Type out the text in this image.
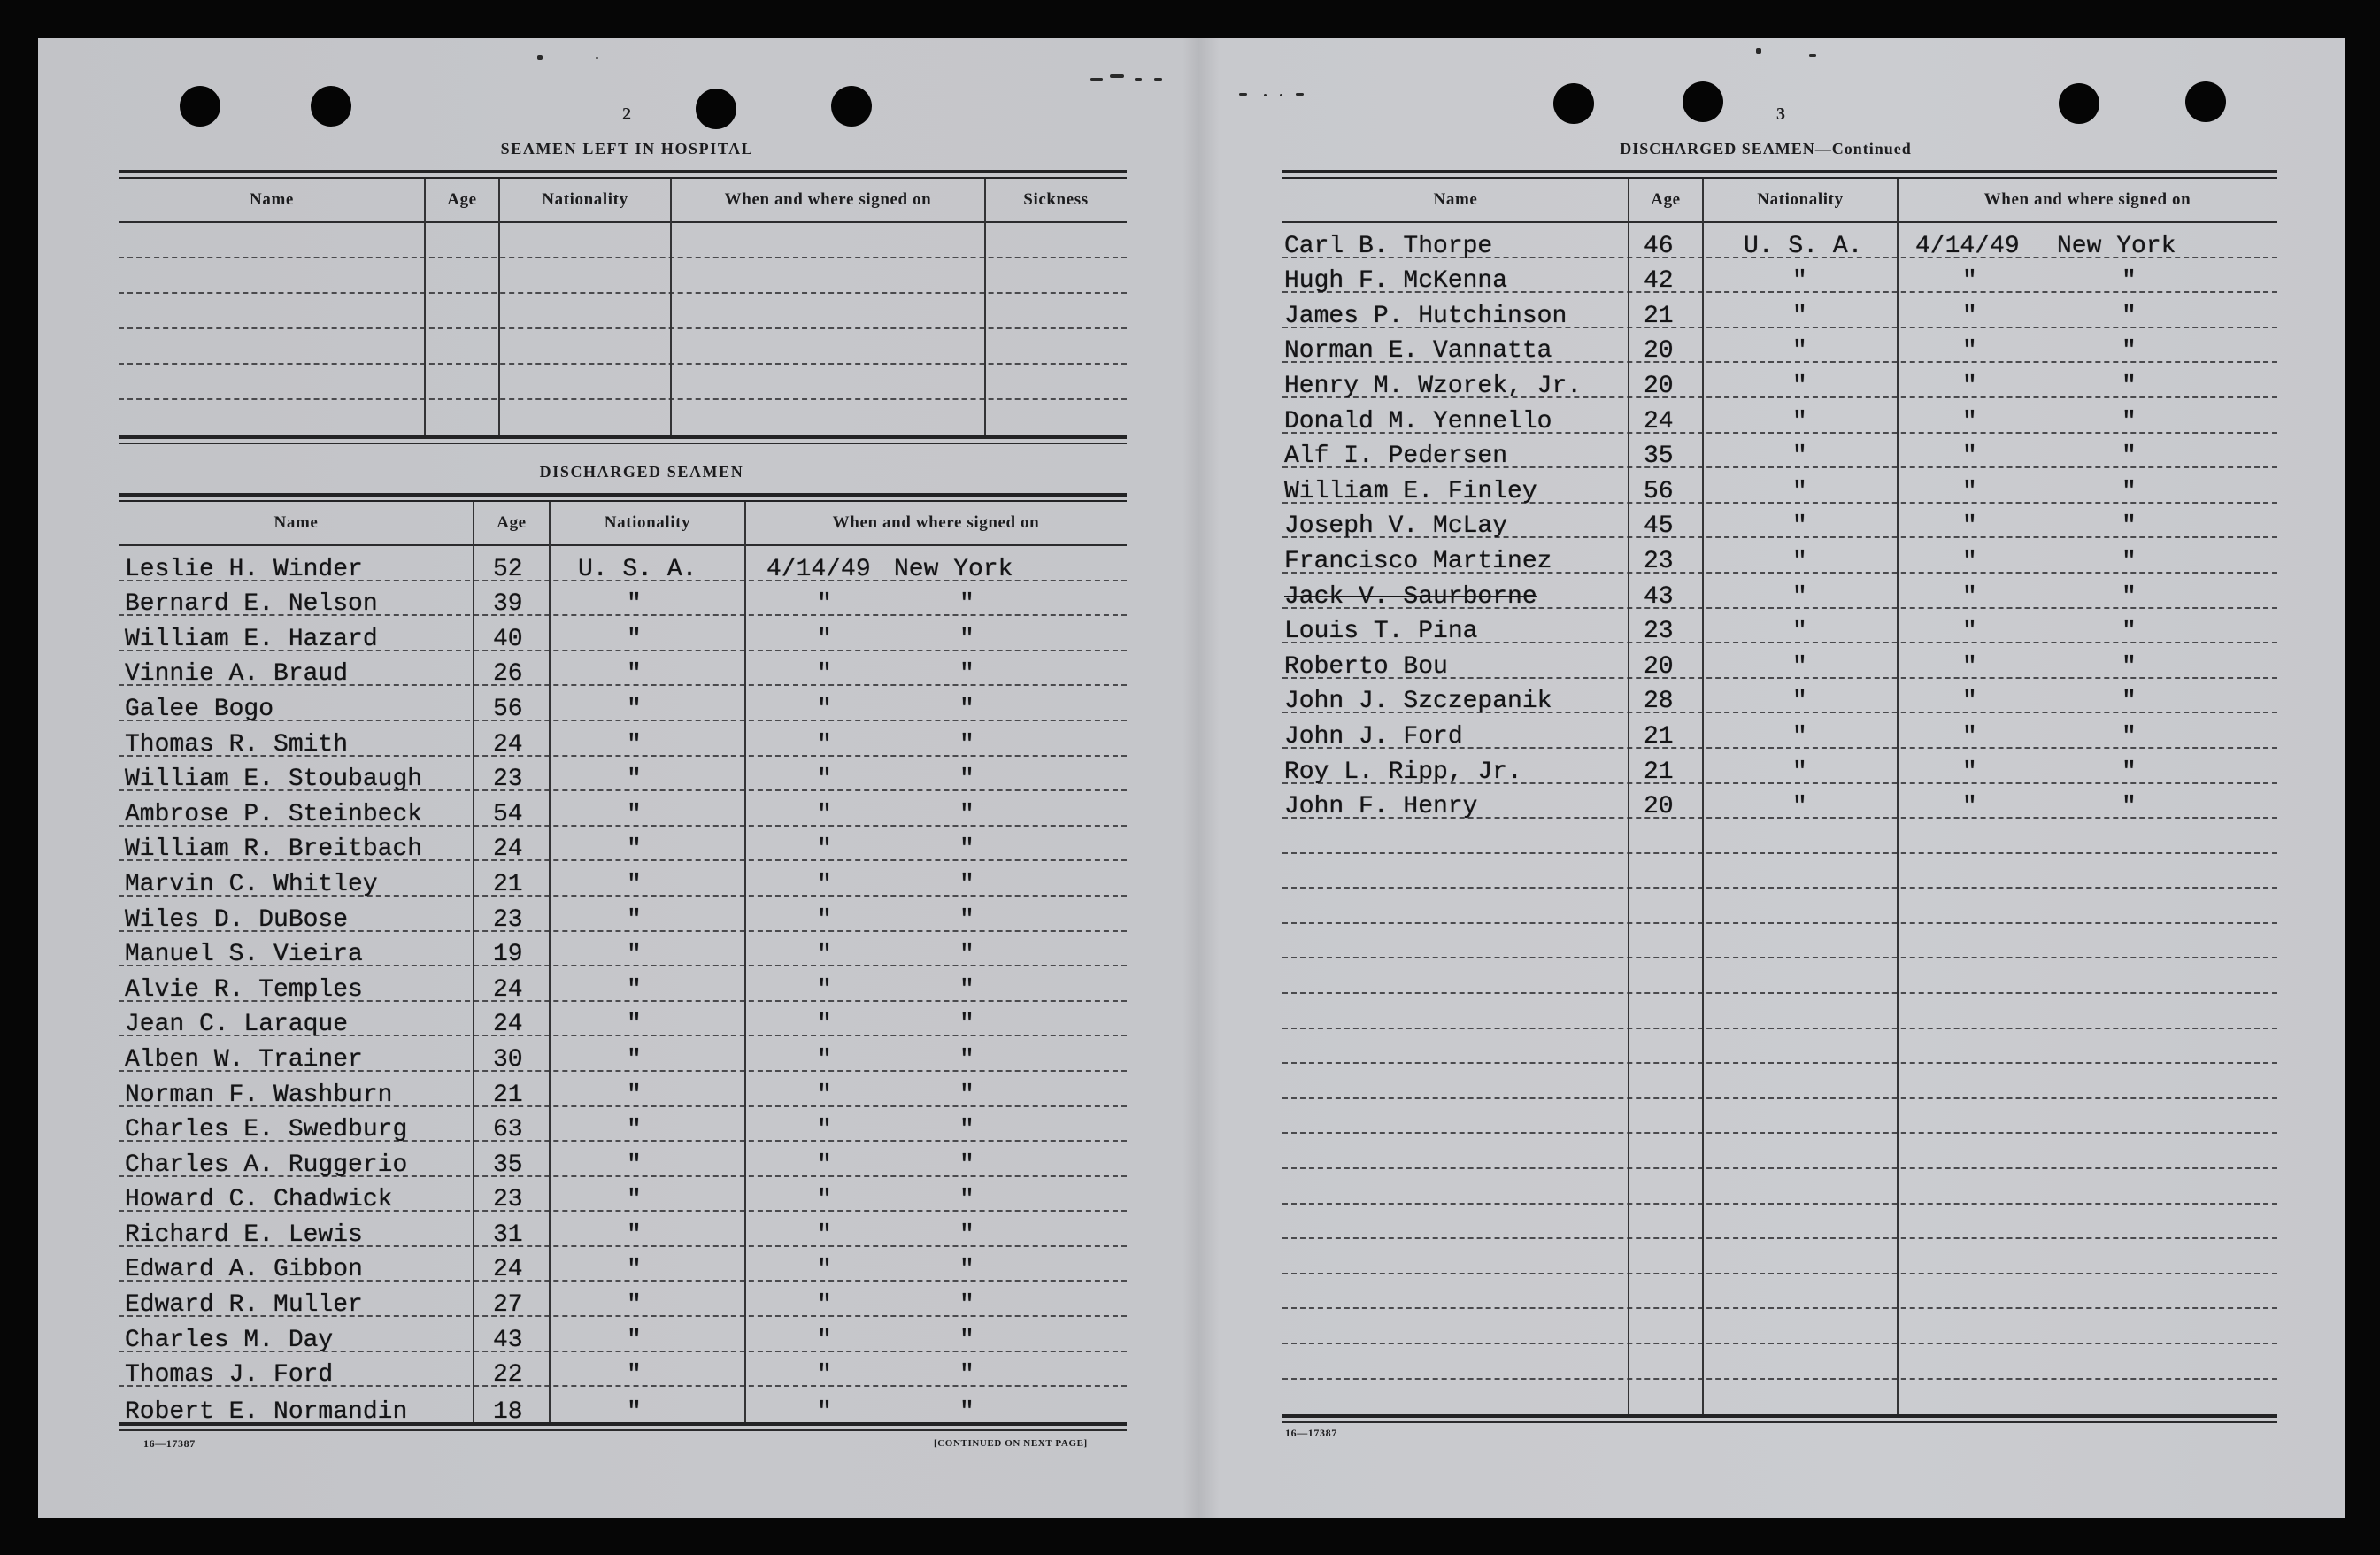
2
SEAMEN LEFT IN HOSPITAL
Name	Age	Nationality	When and where signed on	Sickness
DISCHARGED SEAMEN
Name	Age	Nationality	When and where signed on
Leslie H. Winder	52 U. S. A.	4/14/49 New York
Bernard E. Nelson	39	"	"	"
William E. Hazard	40	"	"	"
Vinnie A. Braud	26	"	"	"
Galee Bogo	56	"	"	"
Thomas R. Smith	24	"	"	"
William E. Stoubaugh	23	"	"	"
Ambrose P. Steinbeck	54	"	"	"
William R. Breitbach	24	"	"	"
Marvin C. Whitley	21	"	"	"
Wiles D. DuBose	23	"	"	"
Manuel S. Vieira	19	"	"	"
Alvie R. Temples	24	"	"	"
Jean C. Laraque	24	"	"	"
Alben W. Trainer	30	"	"	"
Norman F. Washburn	21	"	"	"
Charles E. Swedburg	63	"	"	"
Charles A. Ruggerio	35	"	"	"
Howard C. Chadwick	23	"	"	"
Richard E. Lewis	31	"	"	"
Edward A. Gibbon	24	"	"	"
Edward R. Muller	27	"	"	"
Charles M. Day	43	"	"	"
Thomas J. Ford	22	"	"	"
Robert E. Normandin	18	"	"	"
16—17387	[CONTINUED ON NEXT PAGE]
3
DISCHARGED SEAMEN—Continued
Name	Age	Nationality	When and where signed on
Carl B. Thorpe	46	U. S. A. 4/14/49 New York
Hugh F. McKenna	42	"	"	"
James P. Hutchinson	21	"	"	"
Norman E. Vannatta	20	"	"	"
Henry M. Wzorek, Jr. 20	"	"	"
Donald M. Yennello	24	"	"	"
Alf I. Pedersen	35	"	"	"
William E. Finley	56	"	"	"
Joseph V. McLay	45	"	"	"
Francisco Martinez	23	"	"	"
Jack V. Saurborne	43	"	"	"
Louis T. Pina	23	"	"	"
Roberto Bou	20	"	"	"
John J. Szczepanik	28	"	"	"
John J. Ford	21	"	"	"
Roy L. Ripp, Jr.	21	"	"	"
John F. Henry	20	"	"	"
16—17387
